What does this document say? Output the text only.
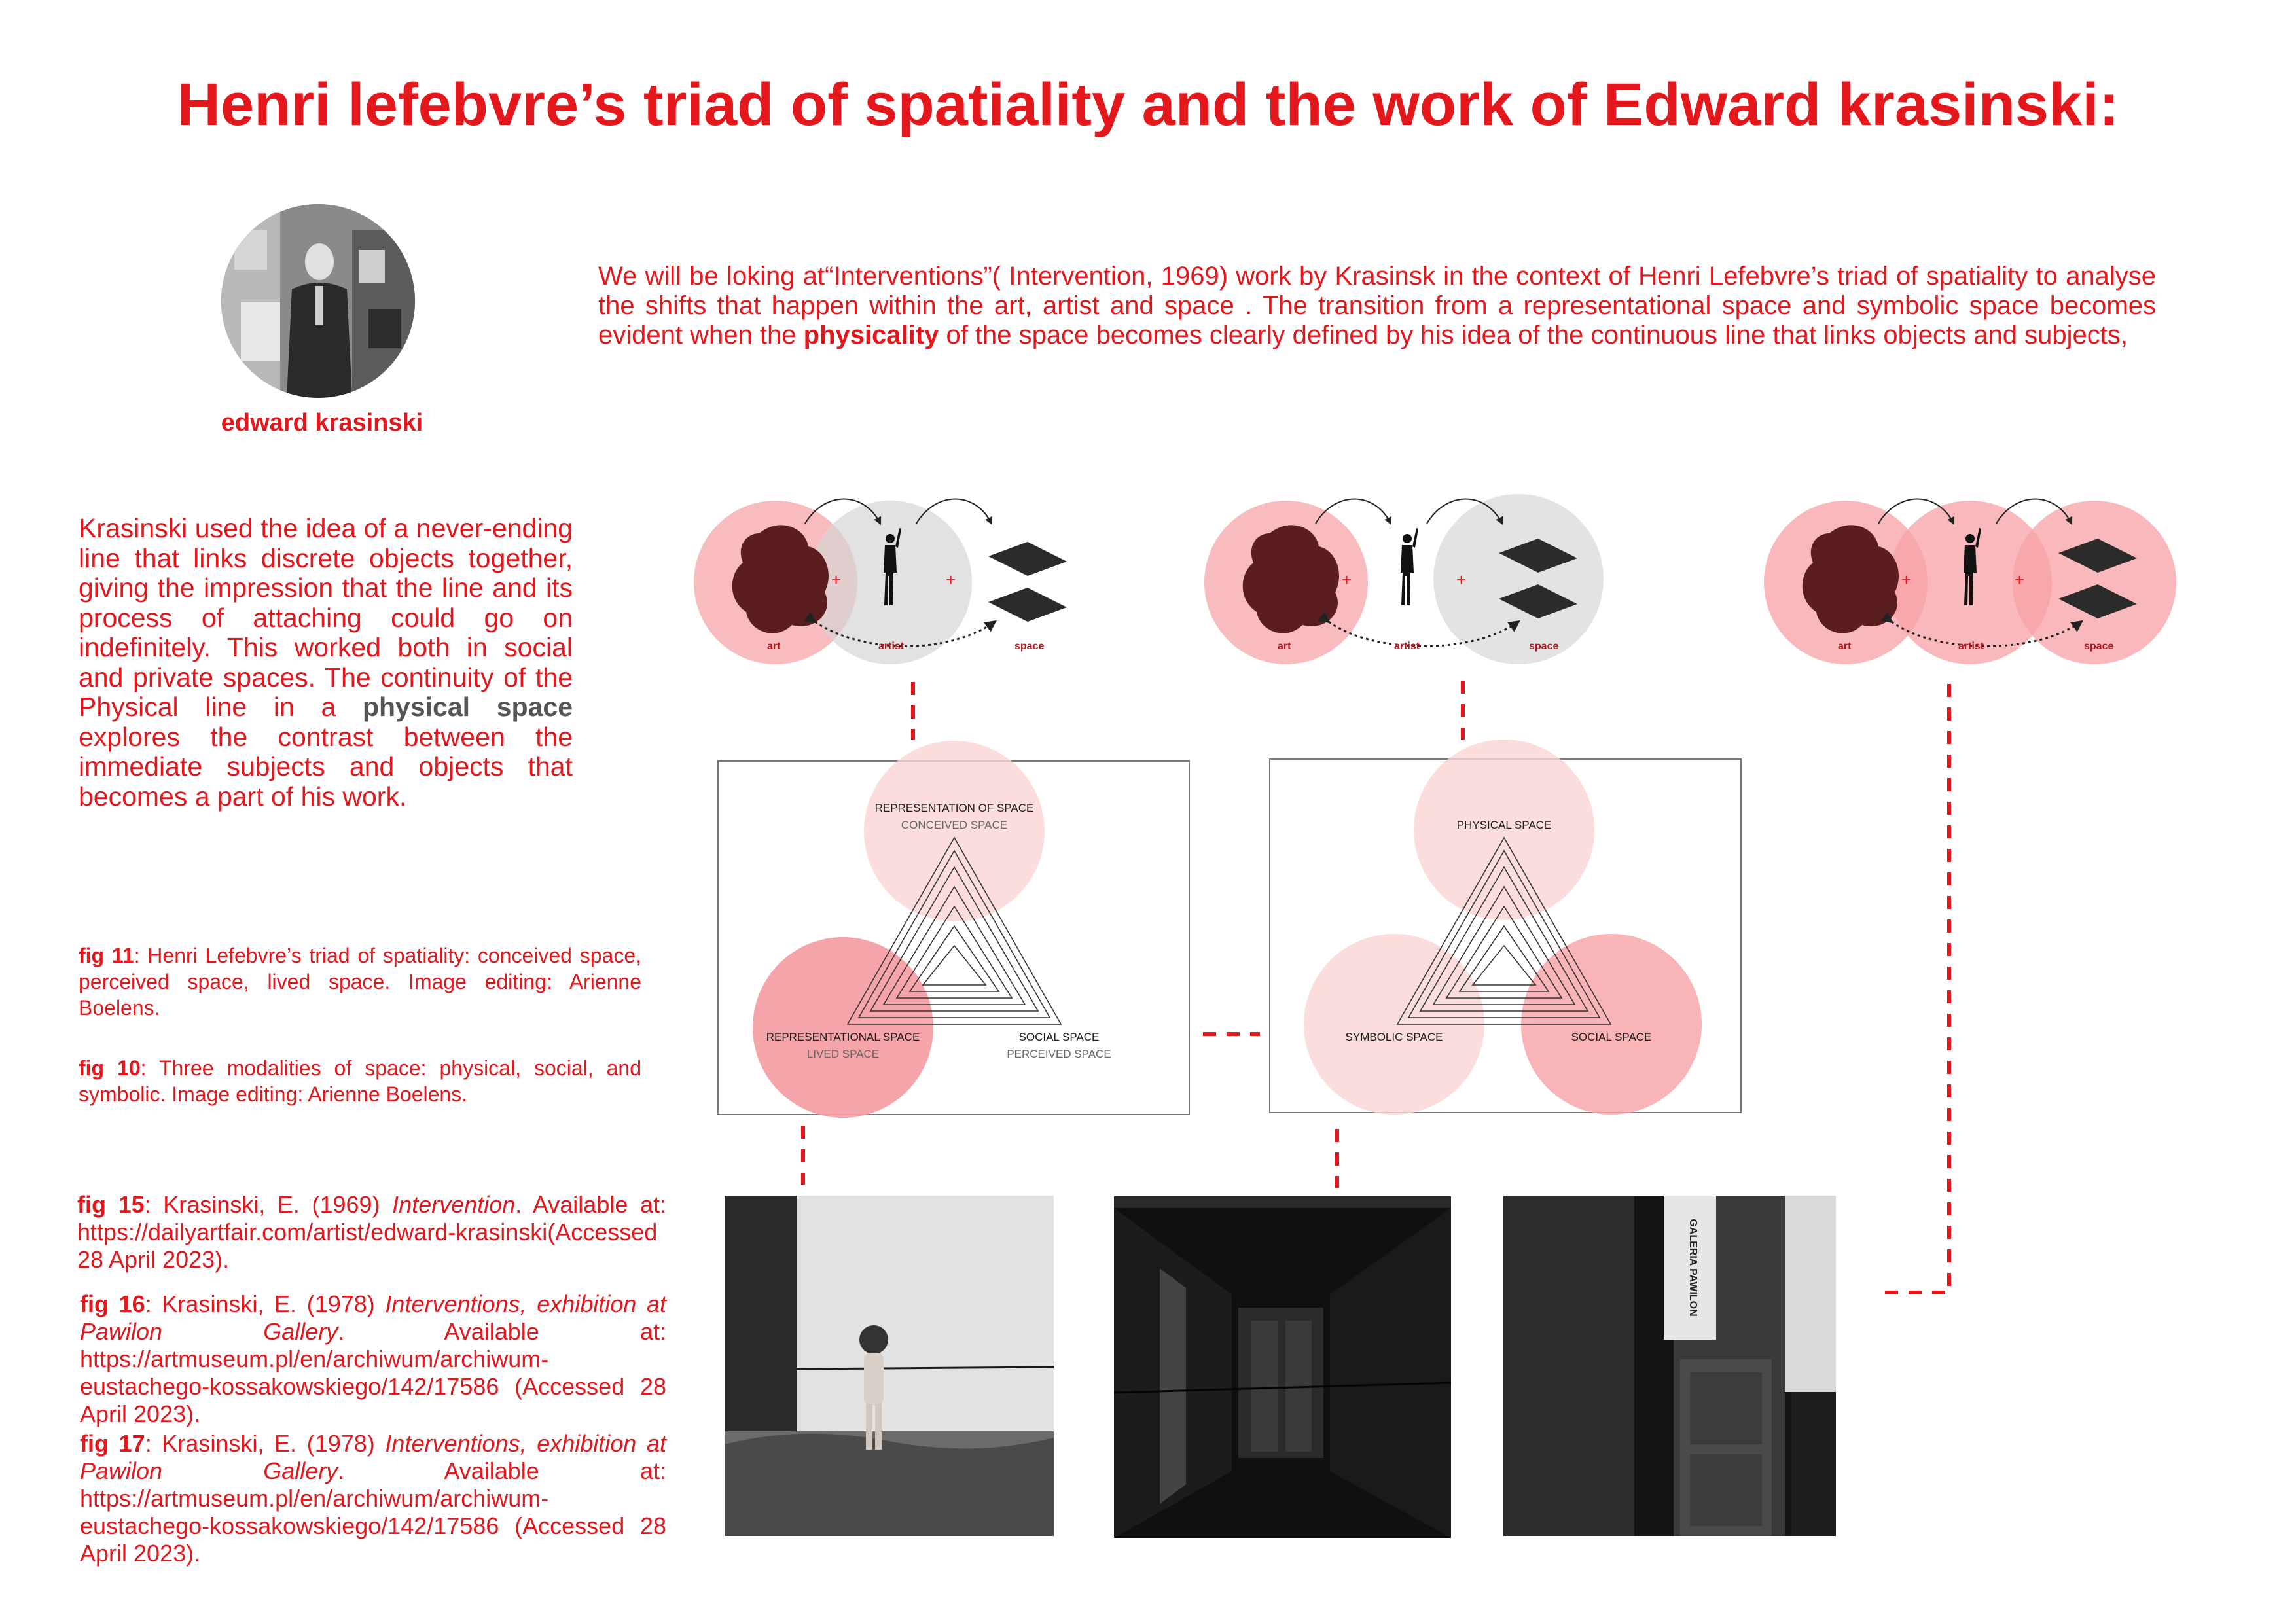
Henri lefebvre’s triad of spatiality and the work of Edward krasinski:
edward krasinski
We will be loking at“Interventions”( Intervention, 1969) work by Krasinsk in the context of Henri Lefebvre’s triad of spatiality to analyse the shifts that happen within the art, artist and space . The transition from a representational space and symbolic space becomes evident when the physicality of the space becomes clearly defined by his idea of the continuous line that links objects and subjects,
Krasinski used the idea of a never-ending line that links discrete objects together, giving the impression that the line and its process of attaching could go on indefinitely. This worked both in social and private spaces. The continuity of the Physical line in a physical space explores the contrast between the immediate subjects and objects that becomes a part of his work.
fig 11: Henri Lefebvre’s triad of spatiality: conceived space, perceived space, lived space. Image editing: Arienne Boelens.
fig 10: Three modalities of space: physical, social, and symbolic. Image editing: Arienne Boelens.
fig 15: Krasinski, E. (1969) Intervention. Available at: https://dailyartfair.com/artist/edward-krasinski(Accessed 28 April 2023).
fig 16: Krasinski, E. (1978) Interventions, exhibition at Pawilon Gallery. Available at: https://artmuseum.pl/en/archiwum/archiwum-eustachego-kossakowskiego/142/17586 (Accessed 28 April 2023).
fig 17: Krasinski, E. (1978) Interventions, exhibition at Pawilon Gallery. Available at: https://artmuseum.pl/en/archiwum/archiwum-eustachego-kossakowskiego/142/17586 (Accessed 28 April 2023).
+	+
art	artist	space
+	+
art	artist	space
+	+
art	artist	space
REPRESENTATION OF SPACE
CONCEIVED SPACE
REPRESENTATIONAL SPACE
LIVED SPACE
SOCIAL SPACE
PERCEIVED SPACE
PHYSICAL SPACE
SYMBOLIC SPACE	SOCIAL SPACE
GALERIA PAWILON
